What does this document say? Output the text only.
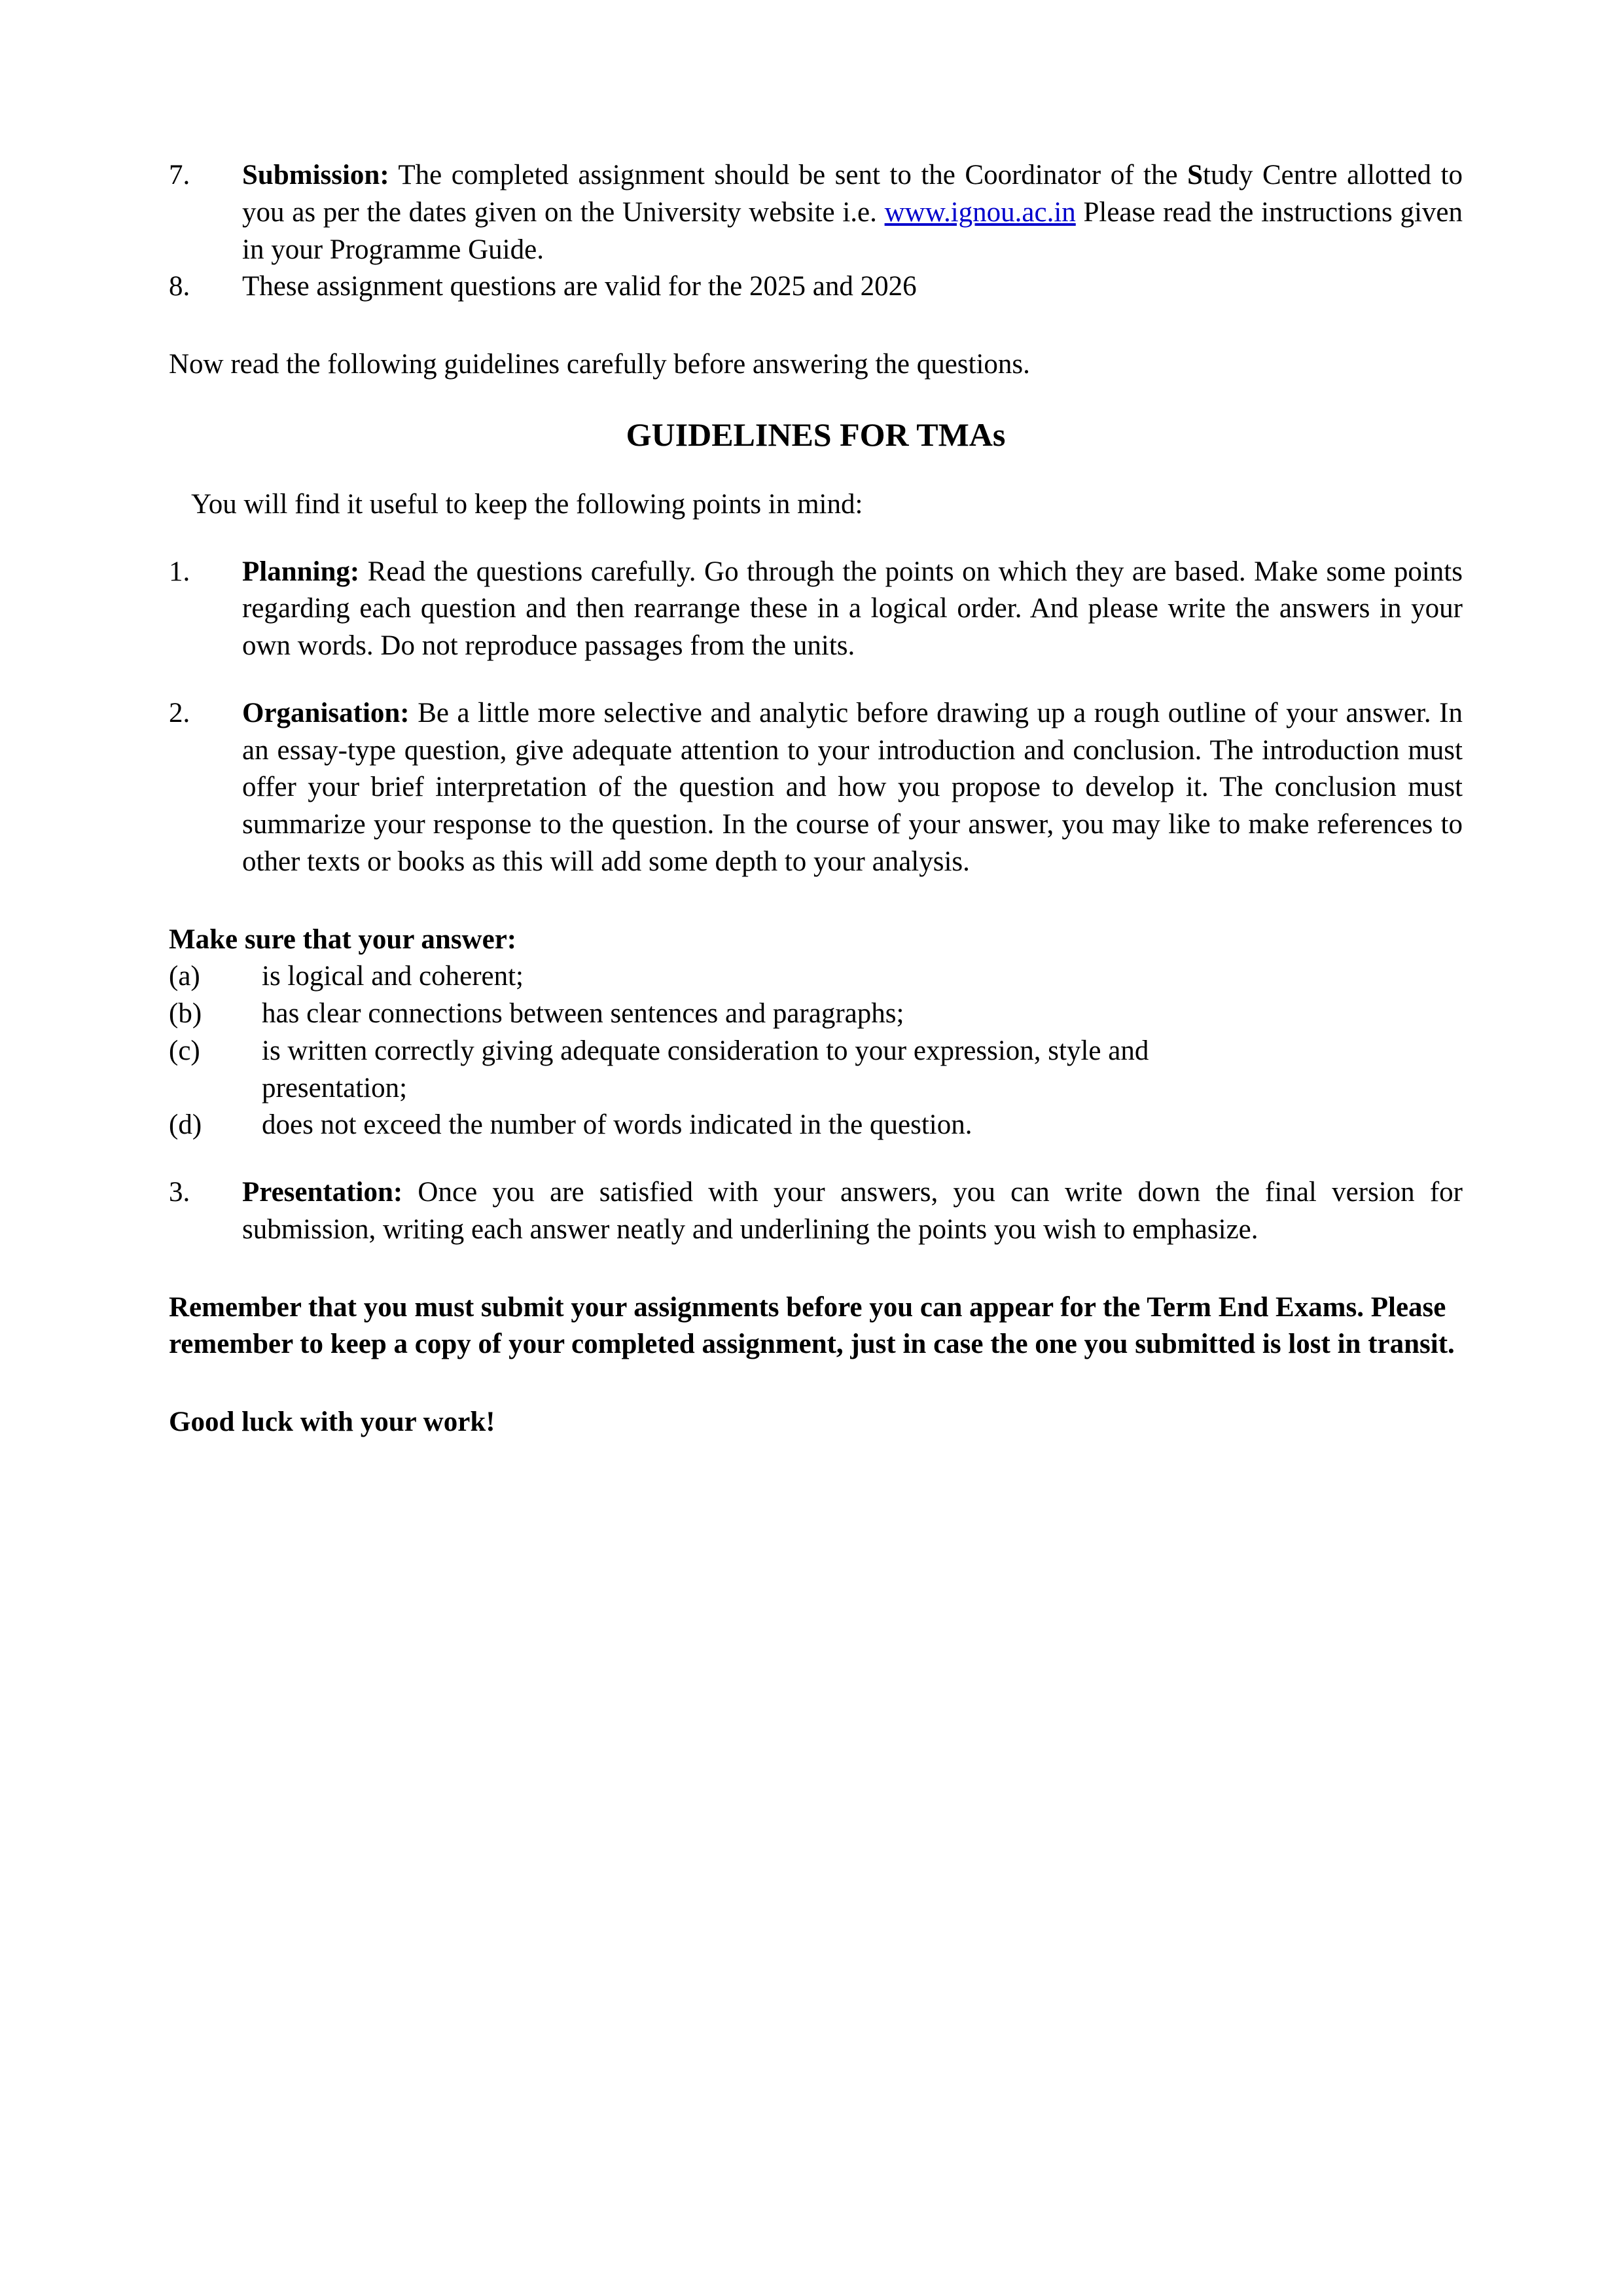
7.	Submission: The completed assignment should be sent to the Coordinator of the Study Centre allotted to you as per the dates given on the University website i.e. www.ignou.ac.in Please read the instructions given in your Programme Guide.
8.	These assignment questions are valid for the 2025 and 2026
Now read the following guidelines carefully before answering the questions.
GUIDELINES FOR TMAs
You will find it useful to keep the following points in mind:
1.	Planning: Read the questions carefully. Go through the points on which they are based. Make some points regarding each question and then rearrange these in a logical order. And please write the answers in your own words. Do not reproduce passages from the units.
2.	Organisation: Be a little more selective and analytic before drawing up a rough outline of your answer. In an essay-type question, give adequate attention to your introduction and conclusion. The introduction must offer your brief interpretation of the question and how you propose to develop it. The conclusion must summarize your response to the question. In the course of your answer, you may like to make references to other texts or books as this will add some depth to your analysis.
Make sure that your answer:
(a)	is logical and coherent;
(b)	has clear connections between sentences and paragraphs;
(c)	is written correctly giving adequate consideration to your expression, style and presentation;
(d)	does not exceed the number of words indicated in the question.
3.	Presentation: Once you are satisfied with your answers, you can write down the final version for submission, writing each answer neatly and underlining the points you wish to emphasize.
Remember that you must submit your assignments before you can appear for the Term End Exams. Please remember to keep a copy of your completed assignment, just in case the one you submitted is lost in transit.
Good luck with your work!
